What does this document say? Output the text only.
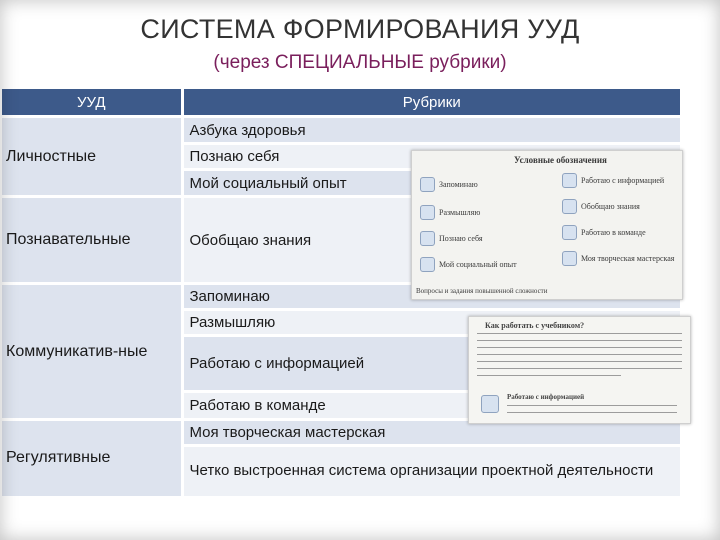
СИСТЕМА ФОРМИРОВАНИЯ УУД
(через СПЕЦИАЛЬНЫЕ рубрики)
УУД	Рубрики
Личностные	Азбука здоровья
	Познаю себя
	Мой социальный опыт
Познавательные	Обобщаю знания
Коммуникатив-ные	Запоминаю
	Размышляю
	Работаю с информацией
	Работаю в команде
Регулятивные	Моя творческая мастерская
	Четко выстроенная система организации проектной деятельности
Условные обозначения
Запоминаю	Работаю с информацией
Размышляю
Обобщаю знания
Познаю себя
Работаю в команде
Мой социальный опыт
Моя творческая мастерская
Вопросы и задания повышенной сложности
Как работать с учебником?
Работаю с информацией
